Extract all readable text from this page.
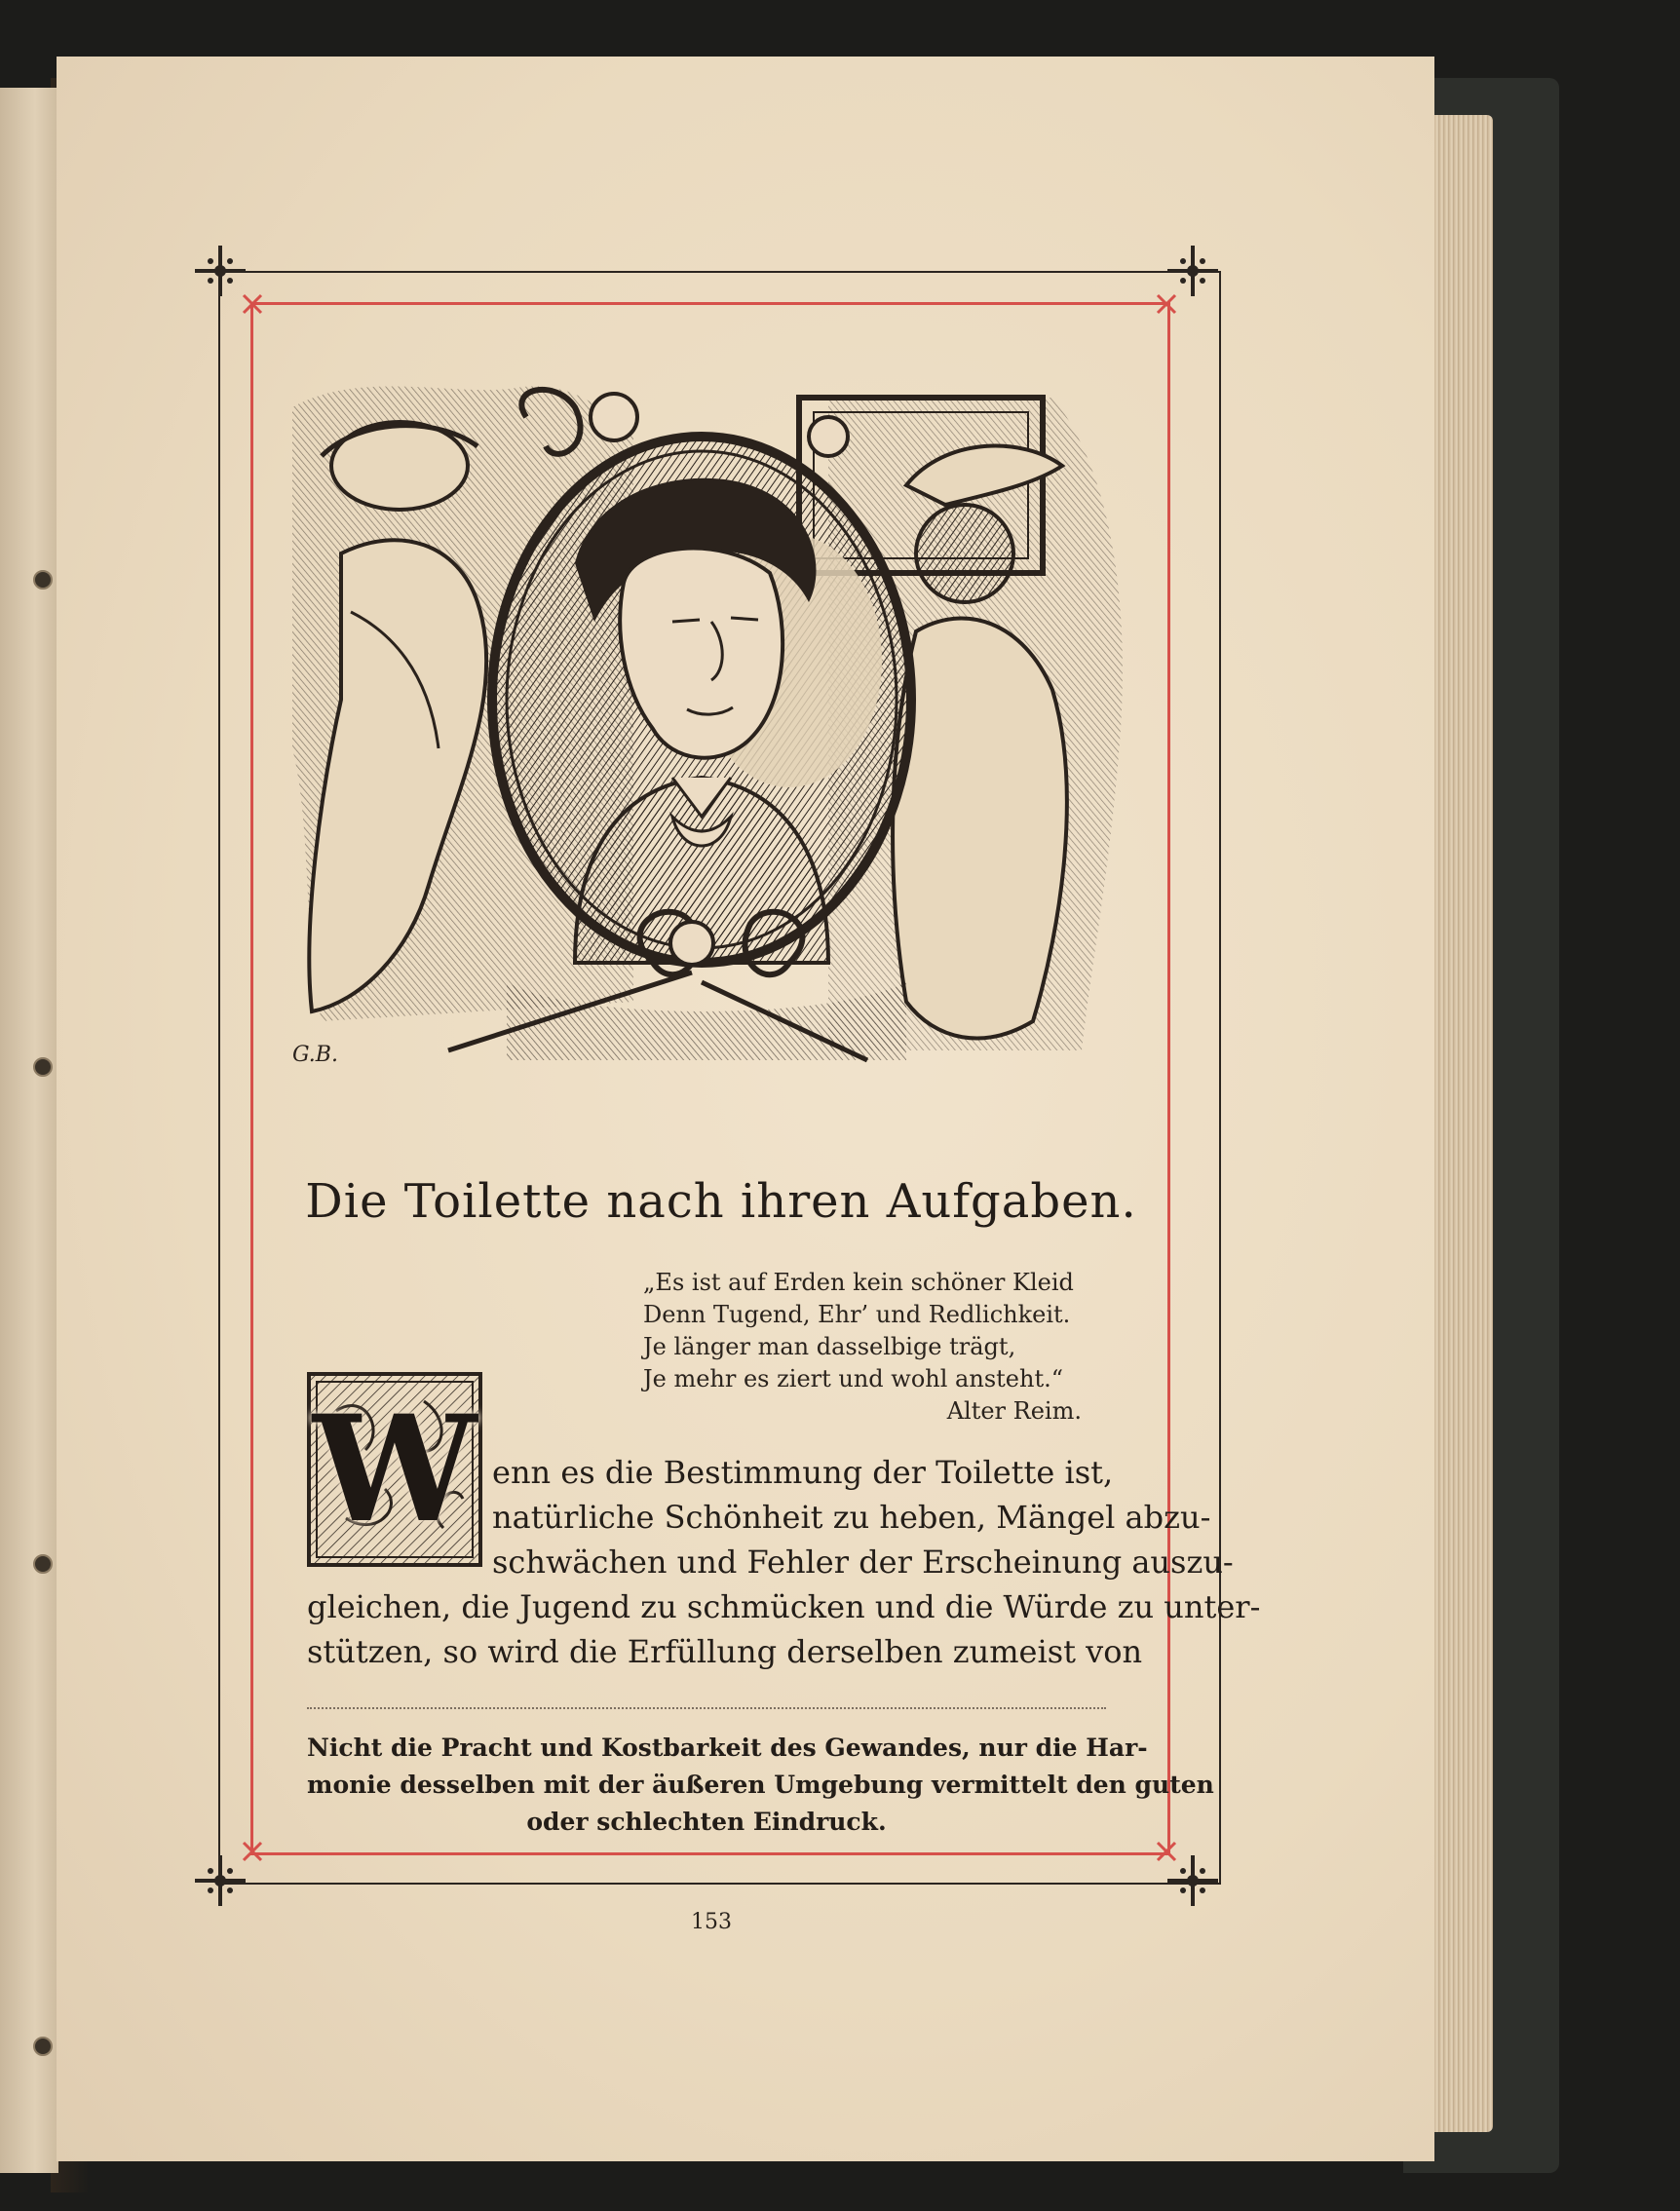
G.B.
Die Toilette nach ihren Aufgaben.
„Es ist auf Erden kein schöner Kleid
Denn Tugend, Ehr’ und Redlichkeit.
Je länger man dasselbige trägt,
Je mehr es ziert und wohl ansteht.“
Alter Reim.
W enn es die Bestimmung der Toilette ist,
natürliche Schönheit zu heben, Mängel abzu-
schwächen und Fehler der Erscheinung auszu-
gleichen, die Jugend zu schmücken und die Würde zu unter-
stützen, so wird die Erfüllung derselben zumeist von
Nicht die Pracht und Kostbarkeit des Gewandes, nur die Har-
monie desselben mit der äußeren Umgebung vermittelt den guten
oder schlechten Eindruck.
153
